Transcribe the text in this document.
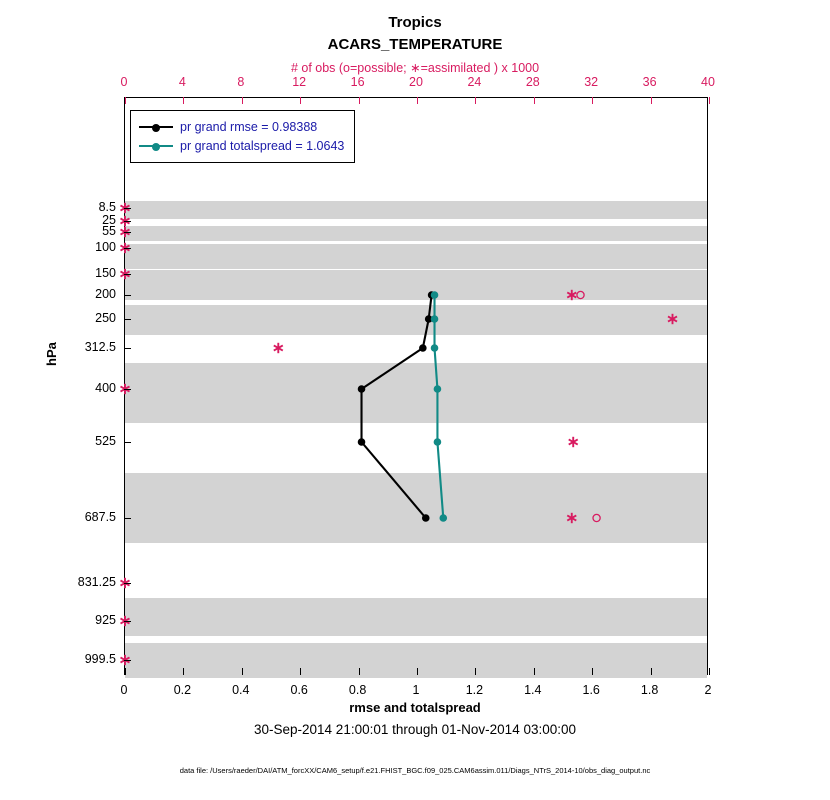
Tropics
ACARS_TEMPERATURE
# of obs (o=possible; ∗=assimilated ) x 1000
pr grand rmse = 0.98388
pr grand totalspread = 1.0643
hPa
rmse and totalspread
30-Sep-2014 21:00:01 through 01-Nov-2014 03:00:00
data file: /Users/raeder/DAI/ATM_forcXX/CAM6_setup/f.e21.FHIST_BGC.f09_025.CAM6assim.011/Diags_NTrS_2014-10/obs_diag_output.nc
0	0.2	0.4	0.6	0.8	1	1.2	1.4	1.6	1.8	2
0	4	8	12	16	20	24	28	32	36	40
8.5
25
55
100
150
200
250
312.5
400
525
687.5
831.25
925
999.5
